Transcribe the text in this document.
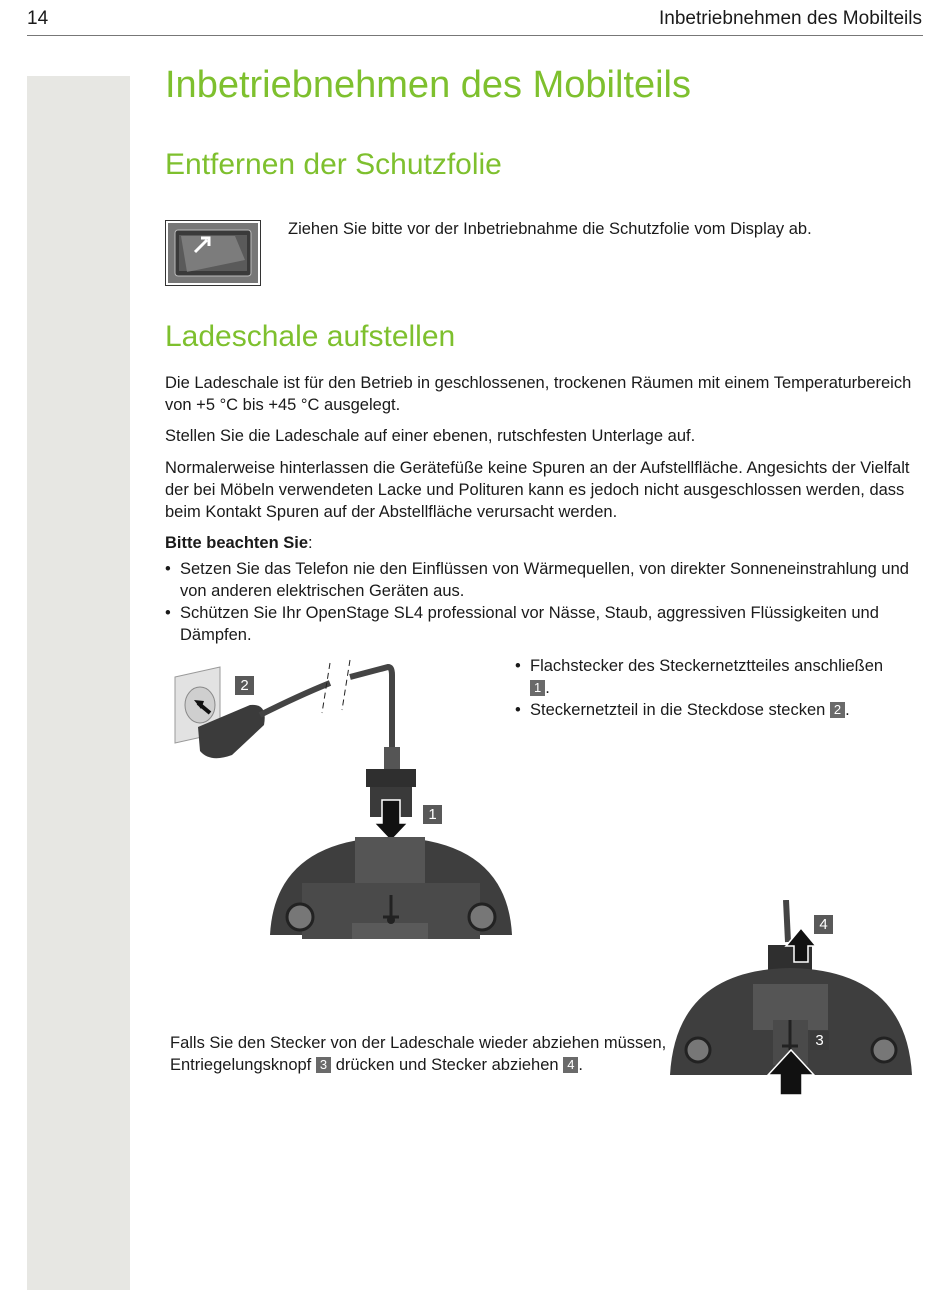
14	Inbetriebnehmen des Mobilteils
Inbetriebnehmen des Mobilteils
Entfernen der Schutzfolie

Ziehen Sie bitte vor der Inbetriebnahme die Schutzfolie vom Display ab.

Ladeschale aufstellen

Die Ladeschale ist für den Betrieb in geschlossenen, trockenen Räumen mit einem Temperaturbereich von +5 °C bis +45 °C ausgelegt.

Stellen Sie die Ladeschale auf einer ebenen, rutschfesten Unterlage auf.

Normalerweise hinterlassen die Gerätefüße keine Spuren an der Aufstellfläche. Angesichts der Vielfalt der bei Möbeln verwendeten Lacke und Polituren kann es jedoch nicht ausgeschlossen werden, dass beim Kontakt Spuren auf der Abstellfläche verursacht werden.

Bitte beachten Sie:

• Setzen Sie das Telefon nie den Einflüssen von Wärmequellen, von direkter Sonneneinstrahlung und von anderen elektrischen Geräten aus.
• Schützen Sie Ihr OpenStage SL4 professional vor Nässe, Staub, aggressiven Flüssigkeiten und Dämpfen.
• Flachstecker des Steckernetztteiles anschließen 1 .
• Steckernetzteil in die Steckdose stecken 2 .
2
1

Falls Sie den Stecker von der Ladeschale wieder abziehen müssen, Entriegelungsknopf 3 drücken und Stecker abziehen 4 .

4
3
